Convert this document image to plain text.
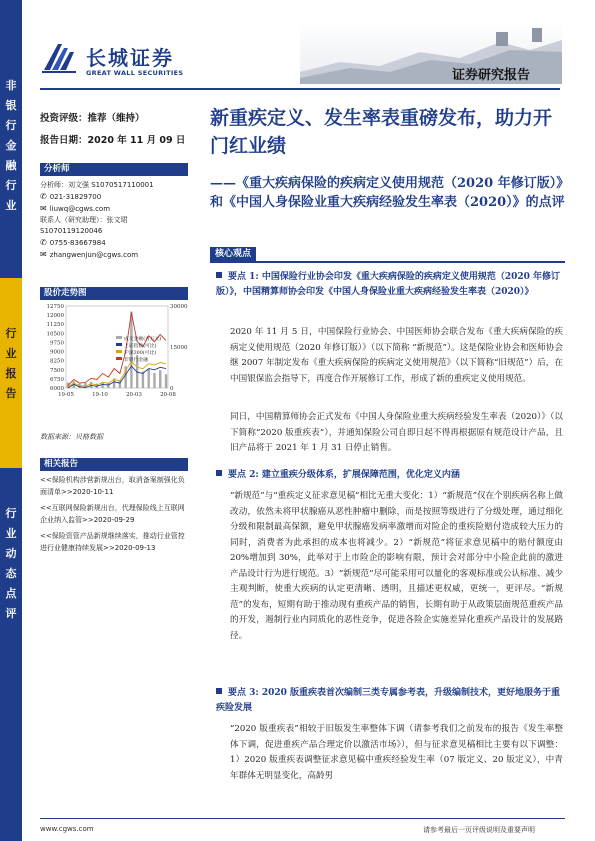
非
银
行
金
融
行
业
行
业
报
告
行
业
动
态
点
评
长城证券
GREAT WALL SECURITIES	证券研究报告
投资评级：推荐（维持）
报告日期：2020 年 11 月 09 日
分析师
分析师：刘文强 S1070517110001
✆ 021-31829700
✉ liuwq@cgws.com
联系人（研究助理）：张文珺
S1070119120046
✆ 0755-83667984
✉ zhangwenjun@cgws.com
股价走势图
6000
6750
7500
8250
9000
9750
10500
11250
12000
12750
0
15000
30000
19-05	19-10	20-03	20-08
成交金额(百万元)
上证指数(可比)
沪深300(可比)
非银行金融
数据来源：贝格数据
相关报告
<<保险机构涉营新规出台，取消备案制强化负面清单>>2020-10-11
<<互联网保险新规出台，代理保险线上互联网企业纳入监管>>2020-09-29
<<保险资管产品新规继续落实，推动行业管控进行业健康持续发展>>2020-09-13
新重疾定义、发生率表重磅发布，助力开门红业绩
——《重大疾病保险的疾病定义使用规范（2020 年修订版）》和《中国人身保险业重大疾病经验发生率表（2020）》的点评
核心观点
要点 1: 中国保险行业协会印发《重大疾病保险的疾病定义使用规范（2020 年修订版）》，中国精算师协会印发《中国人身保险业重大疾病经验发生率表（2020）》
2020 年 11 月 5 日，中国保险行业协会、中国医师协会联合发布《重大疾病保险的疾病定义使用规范（2020 年修订版）》（以下简称 “新规范”）。这是保险业协会和医师协会继 2007 年制定发布《重大疾病保险的疾病定义使用规范》（以下简称“旧规范”）后，在中国银保监会指导下，再度合作开展修订工作，形成了新的重疾定义使用规范。
同日，中国精算师协会正式发布《中国人身保险业重大疾病经验发生率表（2020）》（以下简称“2020 版重疾表”），并通知保险公司自即日起不得再根据原有规范设计产品，且旧产品将于 2021 年 1 月 31 日停止销售。
要点 2: 建立重疾分级体系，扩展保障范围，优化定义内涵
“新规范”与“重疾定义征求意见稿”相比无重大变化：1）“新规范”仅在个别疾病名称上做改动，依然未将甲状腺癌从恶性肿瘤中删除，而是按照等级进行了分级处理，通过细化分级和限制最高保额，避免甲状腺癌发病率激增而对险企的重疾险赔付造成较大压力的同时，消费者为此承担的成本也将减少。2）“新规范”将征求意见稿中的赔付额度由 20%增加到 30%，此举对于上市险企的影响有限，预计会对部分中小险企此前的激进产品设计行为进行规范。3）“新规范”尽可能采用可以量化的客观标准或公认标准、减少主观判断，使重大疾病的认定更清晰、透明，且描述更权威，更统一，更评尽。“新规范”的发布，短期有助于推动现有重疾产品的销售，长期有助于从政策层面规范重疾产品的开发，遏制行业内同质化的恶性竞争，促进各险企实施差异化重疾产品设计的发展路径。
要点 3: 2020 版重疾表首次编制三类专属参考表，升级编制技术，更好地服务于重疾险发展
“2020 版重疾表”相较于旧版发生率整体下调（请参考我们之前发布的报告《发生率整体下调，促进重疾产品合理定价以激活市场》），但与征求意见稿相比主要有以下调整：1）2020 版重疾表调整征求意见稿中重疾经验发生率（07 版定义、20 版定义），中青年群体无明显变化，高龄男
www.cgws.com	请参考最后一页评级说明及重要声明
